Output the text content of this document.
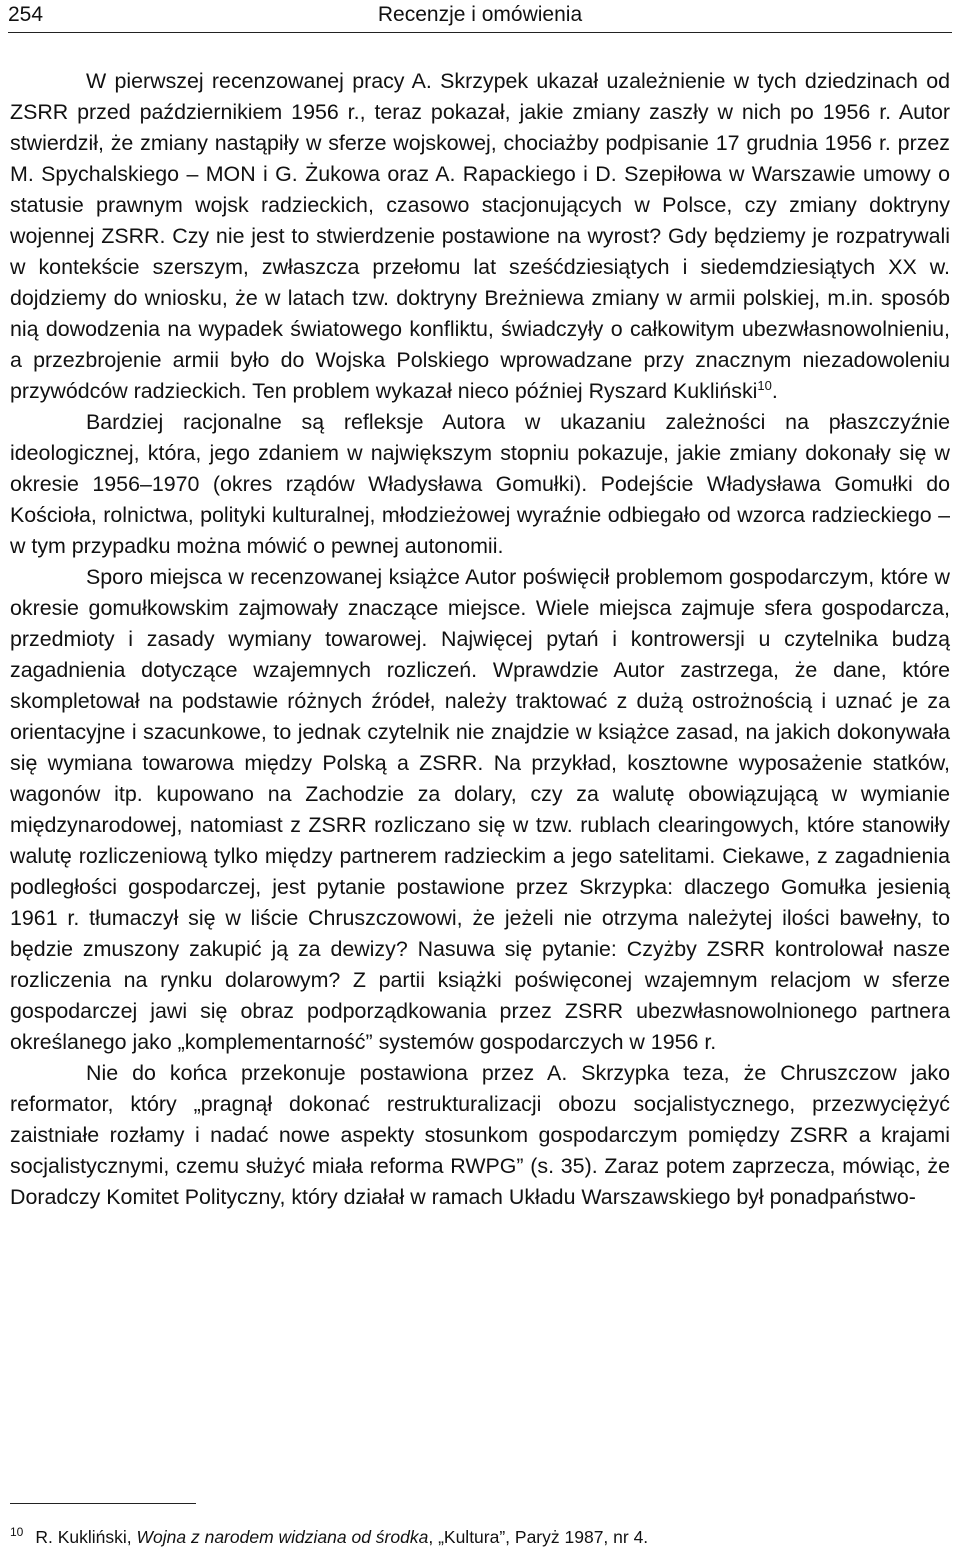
254	Recenzje i omówienia

W pierwszej recenzowanej pracy A. Skrzypek ukazał uzależnienie w tych dziedzinach od ZSRR przed październikiem 1956 r., teraz pokazał, jakie zmiany zaszły w nich po 1956 r. Autor stwierdził, że zmiany nastąpiły w sferze wojskowej, chociażby podpisanie 17 grudnia 1956 r. przez M. Spychalskiego – MON i G. Żukowa oraz A. Rapackiego i D. Szepiłowa w Warszawie umowy o statusie prawnym wojsk radzieckich, czasowo stacjonujących w Polsce, czy zmiany doktryny wojennej ZSRR. Czy nie jest to stwierdzenie postawione na wyrost? Gdy będziemy je rozpatrywali w kontekście szerszym, zwłaszcza przełomu lat sześćdziesiątych i siedemdziesiątych XX w. dojdziemy do wniosku, że w latach tzw. doktryny Breżniewa zmiany w armii polskiej, m.in. sposób nią dowodzenia na wypadek światowego konfliktu, świadczyły o całkowitym ubezwłasnowolnieniu, a przezbrojenie armii było do Wojska Polskiego wprowadzane przy znacznym niezadowoleniu przywódców radzieckich. Ten problem wykazał nieco później Ryszard Kukliński$^{10}$.

Bardziej racjonalne są refleksje Autora w ukazaniu zależności na płaszczyźnie ideologicznej, która, jego zdaniem w największym stopniu pokazuje, jakie zmiany dokonały się w okresie 1956–1970 (okres rządów Władysława Gomułki). Podejście Władysława Gomułki do Kościoła, rolnictwa, polityki kulturalnej, młodzieżowej wyraźnie odbiegało od wzorca radzieckiego – w tym przypadku można mówić o pewnej autonomii.

Sporo miejsca w recenzowanej książce Autor poświęcił problemom gospodarczym, które w okresie gomułkowskim zajmowały znaczące miejsce. Wiele miejsca zajmuje sfera gospodarcza, przedmioty i zasady wymiany towarowej. Najwięcej pytań i kontrowersji u czytelnika budzą zagadnienia dotyczące wzajemnych rozliczeń. Wprawdzie Autor zastrzega, że dane, które skompletował na podstawie różnych źródeł, należy traktować z dużą ostrożnością i uznać je za orientacyjne i szacunkowe, to jednak czytelnik nie znajdzie w książce zasad, na jakich dokonywała się wymiana towarowa między Polską a ZSRR. Na przykład, kosztowne wyposażenie statków, wagonów itp. kupowano na Zachodzie za dolary, czy za walutę obowiązującą w wymianie międzynarodowej, natomiast z ZSRR rozliczano się w tzw. rublach clearingowych, które stanowiły walutę rozliczeniową tylko między partnerem radzieckim a jego satelitami. Ciekawe, z zagadnienia podległości gospodarczej, jest pytanie postawione przez Skrzypka: dlaczego Gomułka jesienią 1961 r. tłumaczył się w liście Chruszczowowi, że jeżeli nie otrzyma należytej ilości bawełny, to będzie zmuszony zakupić ją za dewizy? Nasuwa się pytanie: Czyżby ZSRR kontrolował nasze rozliczenia na rynku dolarowym? Z partii książki poświęconej wzajemnym relacjom w sferze gospodarczej jawi się obraz podporządkowania przez ZSRR ubezwłasnowolnionego partnera określanego jako „komplementarność” systemów gospodarczych w 1956 r.

Nie do końca przekonuje postawiona przez A. Skrzypka teza, że Chruszczow jako reformator, który „pragnął dokonać restrukturalizacji obozu socjalistycznego, przezwyciężyć zaistniałe rozłamy i nadać nowe aspekty stosunkom gospodarczym pomiędzy ZSRR a krajami socjalistycznymi, czemu służyć miała reforma RWPG” (s. 35). Zaraz potem zaprzecza, mówiąc, że Doradczy Komitet Polityczny, który działał w ramach Układu Warszawskiego był ponadpaństwo-

$^{10}$ R. Kukliński, Wojna z narodem widziana od środka, „Kultura”, Paryż 1987, nr 4.
